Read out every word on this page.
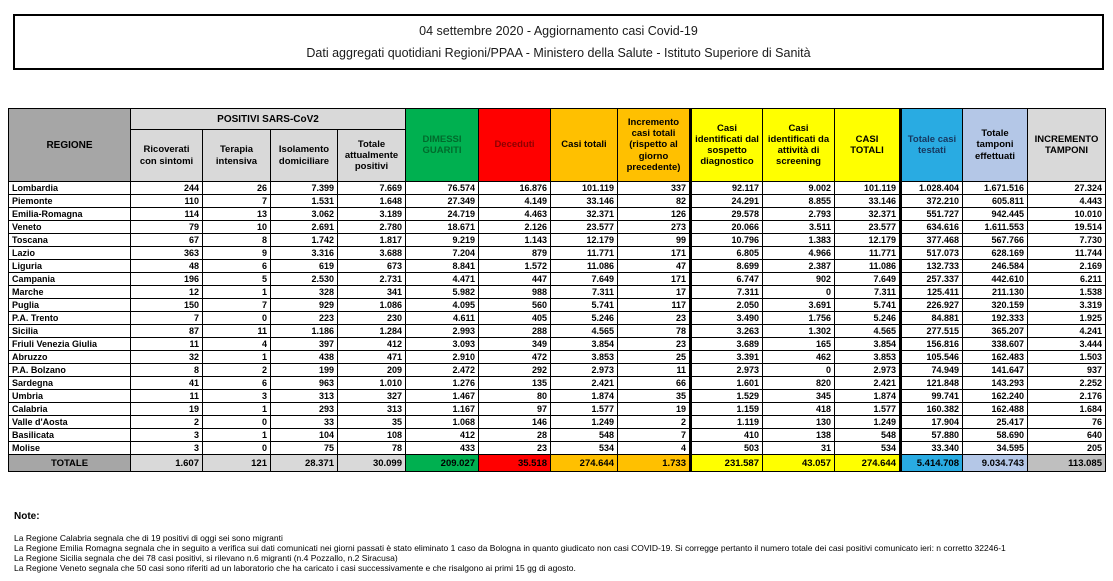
04 settembre 2020 - Aggiornamento casi Covid-19
Dati aggregati quotidiani Regioni/PPAA - Ministero della Salute - Istituto Superiore di Sanità
REGIONE	POSITIVI SARS-CoV2				DIMESSI GUARITI	Deceduti	Casi totali	Incremento casi totali (rispetto al giorno precedente)	Casi identificati dal sospetto diagnostico	Casi identificati da attività di screening	CASI TOTALI	Totale casi testati	Totale tamponi effettuati	INCREMENTO TAMPONI
	Ricoverati con sintomi	Terapia intensiva	Isolamento domiciliare	Totale attualmente positivi										
Lombardia	244	26	7.399	7.669	76.574	16.876	101.119	337	92.117	9.002	101.119	1.028.404	1.671.516	27.324
Piemonte	110	7	1.531	1.648	27.349	4.149	33.146	82	24.291	8.855	33.146	372.210	605.811	4.443
Emilia-Romagna	114	13	3.062	3.189	24.719	4.463	32.371	126	29.578	2.793	32.371	551.727	942.445	10.010
Veneto	79	10	2.691	2.780	18.671	2.126	23.577	273	20.066	3.511	23.577	634.616	1.611.553	19.514
Toscana	67	8	1.742	1.817	9.219	1.143	12.179	99	10.796	1.383	12.179	377.468	567.766	7.730
Lazio	363	9	3.316	3.688	7.204	879	11.771	171	6.805	4.966	11.771	517.073	628.169	11.744
Liguria	48	6	619	673	8.841	1.572	11.086	47	8.699	2.387	11.086	132.733	246.584	2.169
Campania	196	5	2.530	2.731	4.471	447	7.649	171	6.747	902	7.649	257.337	442.610	6.211
Marche	12	1	328	341	5.982	988	7.311	17	7.311	0	7.311	125.411	211.130	1.538
Puglia	150	7	929	1.086	4.095	560	5.741	117	2.050	3.691	5.741	226.927	320.159	3.319
P.A. Trento	7	0	223	230	4.611	405	5.246	23	3.490	1.756	5.246	84.881	192.333	1.925
Sicilia	87	11	1.186	1.284	2.993	288	4.565	78	3.263	1.302	4.565	277.515	365.207	4.241
Friuli Venezia Giulia	11	4	397	412	3.093	349	3.854	23	3.689	165	3.854	156.816	338.607	3.444
Abruzzo	32	1	438	471	2.910	472	3.853	25	3.391	462	3.853	105.546	162.483	1.503
P.A. Bolzano	8	2	199	209	2.472	292	2.973	11	2.973	0	2.973	74.949	141.647	937
Sardegna	41	6	963	1.010	1.276	135	2.421	66	1.601	820	2.421	121.848	143.293	2.252
Umbria	11	3	313	327	1.467	80	1.874	35	1.529	345	1.874	99.741	162.240	2.176
Calabria	19	1	293	313	1.167	97	1.577	19	1.159	418	1.577	160.382	162.488	1.684
Valle d'Aosta	2	0	33	35	1.068	146	1.249	2	1.119	130	1.249	17.904	25.417	76
Basilicata	3	1	104	108	412	28	548	7	410	138	548	57.880	58.690	640
Molise	3	0	75	78	433	23	534	4	503	31	534	33.340	34.595	205
TOTALE	1.607	121	28.371	30.099	209.027	35.518	274.644	1.733	231.587	43.057	274.644	5.414.708	9.034.743	113.085
Note:
La Regione Calabria segnala che di 19 positivi di oggi sei sono migranti
La Regione Emilia Romagna segnala che in seguito a verifica sui dati comunicati nei giorni passati è stato eliminato 1 caso da Bologna in quanto giudicato non casi COVID-19. Si corregge pertanto il numero totale dei casi positivi comunicato ieri: n corretto 32246-1
La Regione Sicilia segnala che dei 78 casi positivi, si rilevano n.6 migranti (n.4 Pozzallo, n.2 Siracusa)
La Regione Veneto segnala che 50 casi sono riferiti ad un laboratorio che ha caricato i casi successivamente e che risalgono ai primi 15 gg di agosto.
